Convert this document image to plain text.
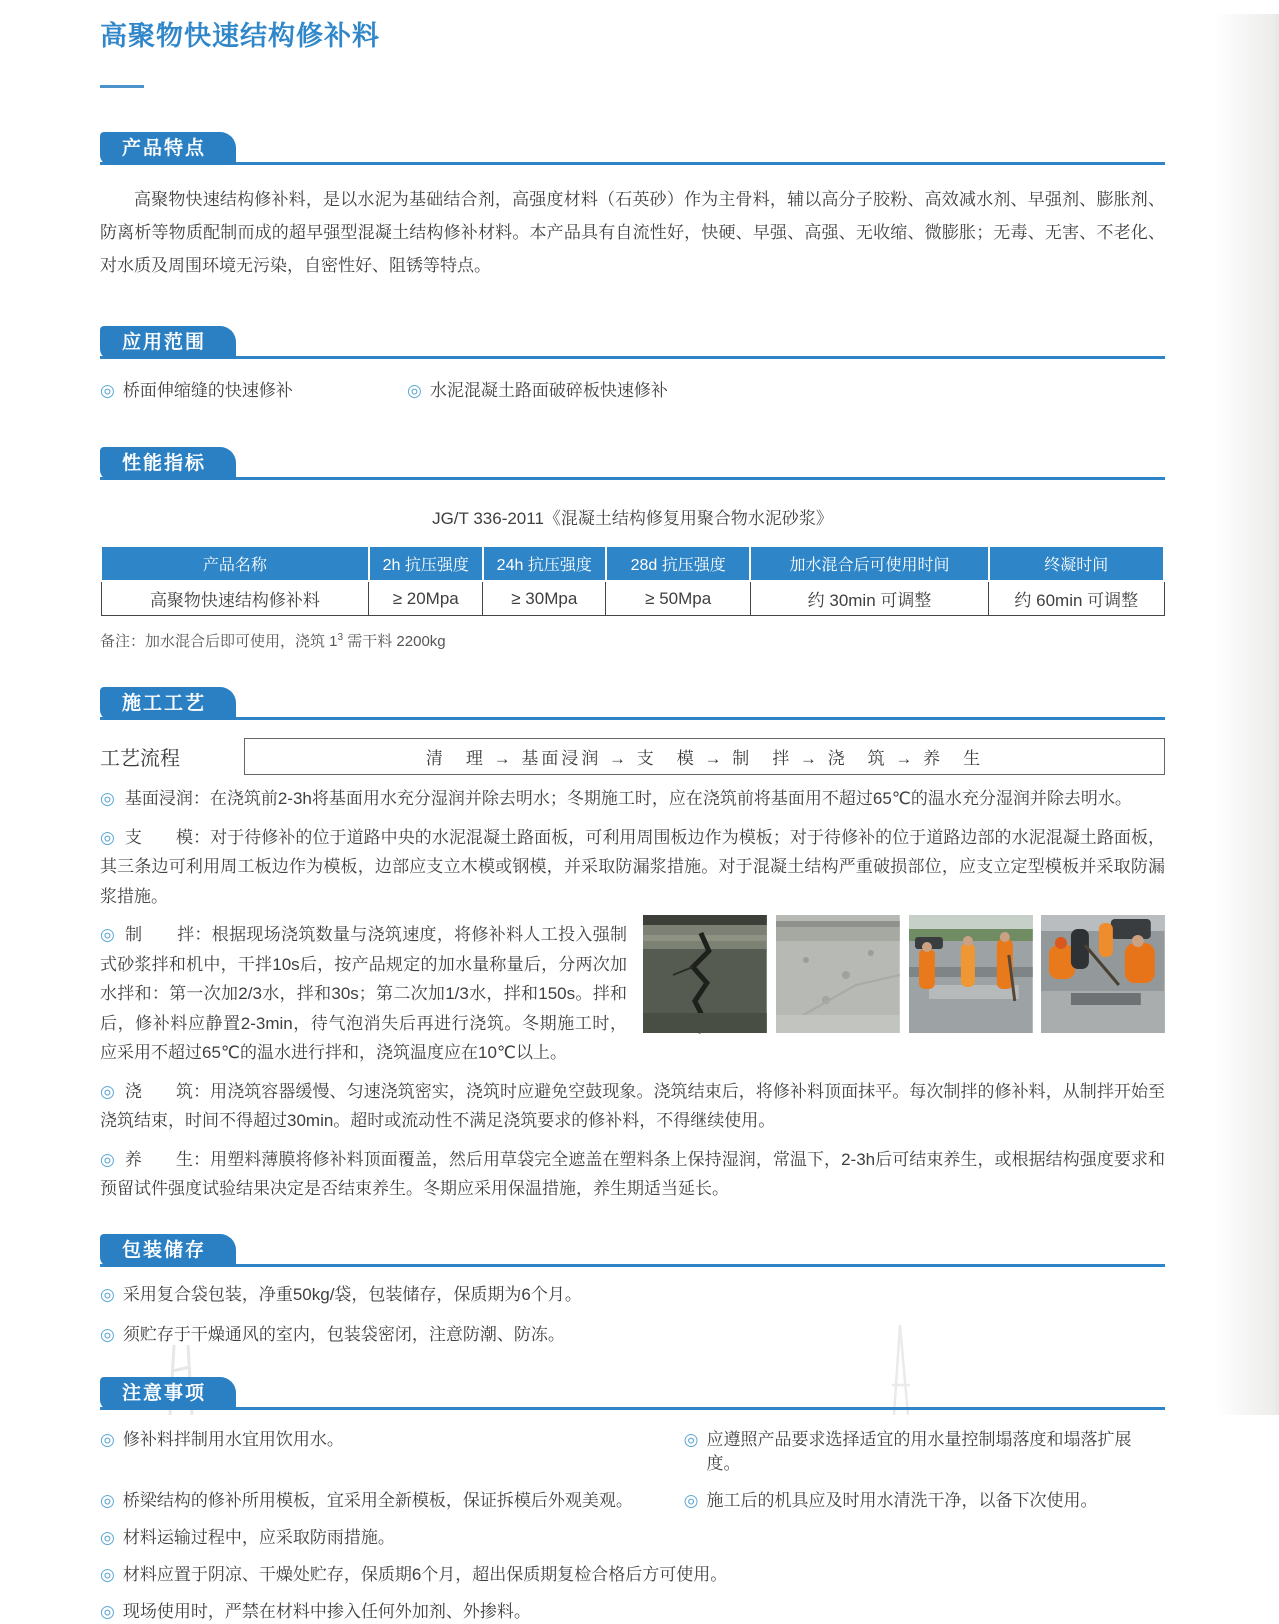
高聚物快速结构修补料
产品特点

高聚物快速结构修补料，是以水泥为基础结合剂，高强度材料（石英砂）作为主骨料，辅以高分子胶粉、高效减水剂、早强剂、膨胀剂、防离析等物质配制而成的超早强型混凝土结构修补材料。本产品具有自流性好，快硬、早强、高强、无收缩、微膨胀；无毒、无害、不老化、对水质及周围环境无污染，自密性好、阻锈等特点。

应用范围
◎ 桥面伸缩缝的快速修补	◎ 水泥混凝土路面破碎板快速修补
性能指标

JG/T 336-2011《混凝土结构修复用聚合物水泥砂浆》

产品名称	2h 抗压强度	24h 抗压强度	28d 抗压强度	加水混合后可使用时间	终凝时间
高聚物快速结构修补料	≥ 20Mpa	≥ 30Mpa	≥ 50Mpa	约 30min 可调整	约 60min 可调整

备注：加水混合后即可使用，浇筑 $1^3$ 需干料 2200kg

施工工艺
工艺流程	清　理 → 基面浸润 → 支　模 → 制　拌 → 浇　筑 → 养　生

◎ 基面浸润：在浇筑前2-3h将基面用水充分湿润并除去明水；冬期施工时，应在浇筑前将基面用不超过65℃的温水充分湿润并除去明水。

◎ 支　　模：对于待修补的位于道路中央的水泥混凝土路面板，可利用周围板边作为模板；对于待修补的位于道路边部的水泥混凝土路面板，其三条边可利用周工板边作为模板，边部应支立木模或钢模，并采取防漏浆措施。对于混凝土结构严重破损部位，应支立定型模板并采取防漏浆措施。

◎ 制　　拌：根据现场浇筑数量与浇筑速度，将修补料人工投入强制式砂浆拌和机中，干拌10s后，按产品规定的加水量称量后，分两次加水拌和：第一次加2/3水，拌和30s；第二次加1/3水，拌和150s。拌和后，修补料应静置2-3min，待气泡消失后再进行浇筑。冬期施工时，应采用不超过65℃的温水进行拌和，浇筑温度应在10℃以上。

◎ 浇　　筑：用浇筑容器缓慢、匀速浇筑密实，浇筑时应避免空鼓现象。浇筑结束后，将修补料顶面抹平。每次制拌的修补料，从制拌开始至浇筑结束，时间不得超过30min。超时或流动性不满足浇筑要求的修补料，不得继续使用。

◎ 养　　生：用塑料薄膜将修补料顶面覆盖，然后用草袋完全遮盖在塑料条上保持湿润，常温下，2-3h后可结束养生，或根据结构强度要求和预留试件强度试验结果决定是否结束养生。冬期应采用保温措施，养生期适当延长。

包装储存
◎ 采用复合袋包装，净重50kg/袋，包装储存，保质期为6个月。
◎ 须贮存于干燥通风的室内，包装袋密闭，注意防潮、防冻。
注意事项
◎ 修补料拌制用水宜用饮用水。	◎ 应遵照产品要求选择适宜的用水量控制塌落度和塌落扩展度。
◎ 桥梁结构的修补所用模板，宜采用全新模板，保证拆模后外观美观。	◎ 施工后的机具应及时用水清洗干净，以备下次使用。
◎ 材料运输过程中，应采取防雨措施。
◎ 材料应置于阴凉、干燥处贮存，保质期6个月，超出保质期复检合格后方可使用。
◎ 现场使用时，严禁在材料中掺入任何外加剂、外掺料。
